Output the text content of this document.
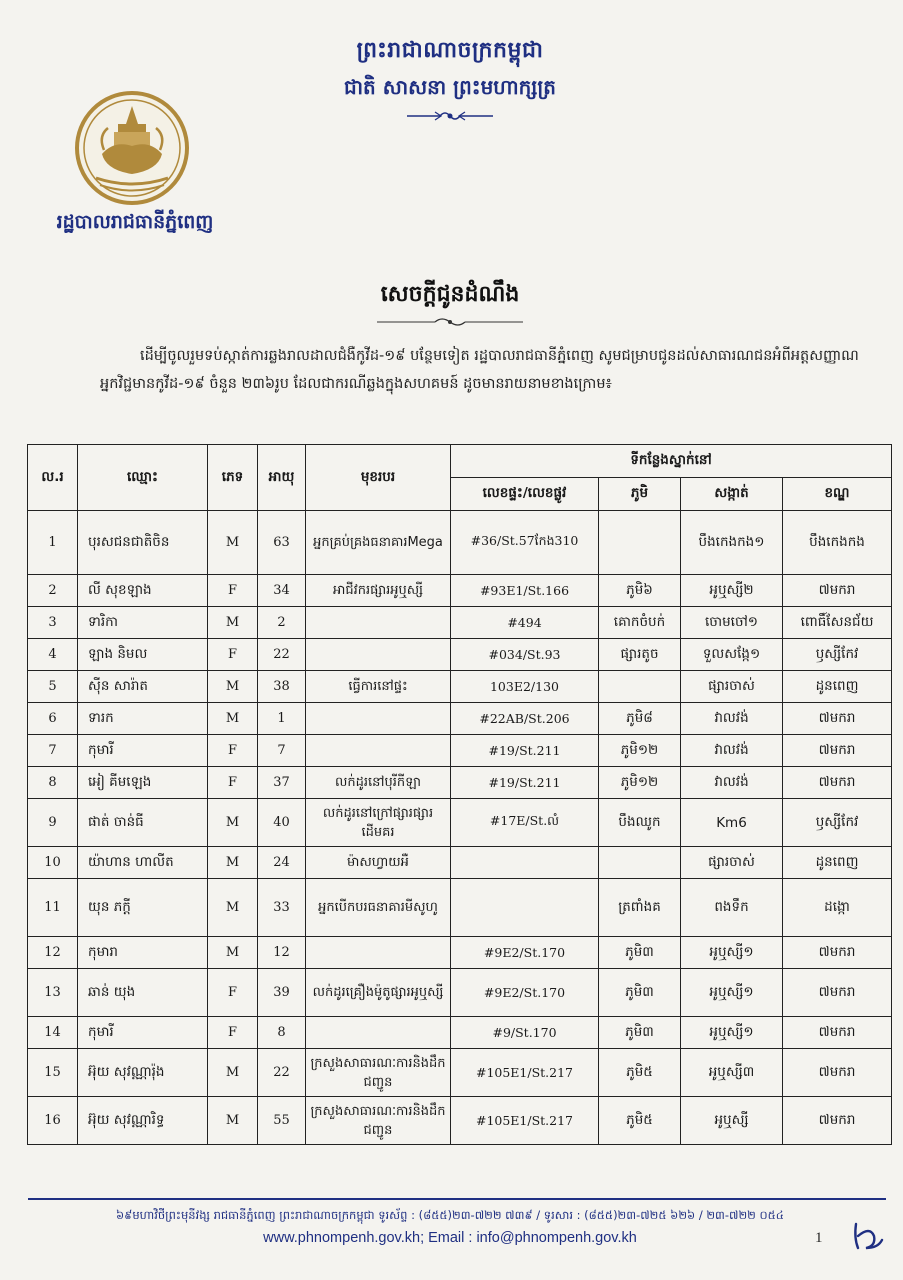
ព្រះរាជាណាចក្រកម្ពុជា
ជាតិ សាសនា ព្រះមហាក្សត្រ
រដ្ឋបាលរាជធានីភ្នំពេញ
សេចក្តីជូនដំណឹង
ដើម្បីចូលរួមទប់ស្កាត់ការឆ្លងរាលដាលជំងឺកូវីដ-១៩ បន្ថែមទៀត រដ្ឋបាលរាជធានីភ្នំពេញ សូមជម្រាបជូនដល់សាធារណជនអំពីអត្តសញ្ញាណអ្នកវិជ្ជមានកូវីដ-១៩ ចំនួន ២៣៦រូប ដែលជាករណីឆ្លងក្នុងសហគមន៍ ដូចមានរាយនាមខាងក្រោម៖
ល.រ	ឈ្មោះ	ភេទ	អាយុ	មុខរបរ	ទីកន្លែងស្នាក់នៅ			
					លេខផ្ទះ/លេខផ្លូវ	ភូមិ	សង្កាត់	ខណ្ឌ
1	បុរសជនជាតិចិន	M	63	អ្នកគ្រប់គ្រងធនាគារMega	#36/St.57កែង310		បឹងកេងកង១	បឹងកេងកង
2	លី សុខឡាង	F	34	អាជីវករផ្សារអូឬស្សី	#93E1/St.166	ភូមិ៦	អូឬស្សី២	៧មករា
3	ទារិកា	M	2		#494	គោកចំបក់	ចោមចៅ១	ពោធិ៍សែនជ័យ
4	ឡាង និមល	F	22		#034/St.93	ផ្សារតូច	ទួលសង្កែ១	ឫស្សីកែវ
5	ស៊ីន សារ៉ាត	M	38	ធ្វើការនៅផ្ទះ	103E2/130		ផ្សារចាស់	ដូនពេញ
6	ទារក	M	1		#22AB/St.206	ភូមិ៨	វាលវង់	៧មករា
7	កុមារី	F	7		#19/St.211	ភូមិ១២	វាលវង់	៧មករា
8	អៀ គីមឡេង	F	37	លក់ដូរនៅបុរីកីឡា	#19/St.211	ភូមិ១២	វាលវង់	៧មករា
9	ផាត់ ចាន់ធី	M	40	លក់ដូរនៅក្រៅផ្សារផ្សារដើមគរ	#17E/St.លំ	បឹងឈូក	Km6	ឫស្សីកែវ
10	យ៉ាហាន ហាលីត	M	24	ម៉ាសហ្វាយអឺ			ផ្សារចាស់	ដូនពេញ
11	យុន ភក្តី	M	33	អ្នកបើកបរធនាគារមីសូហូ		ត្រពាំងគ	ពងទឹក	ដង្កោ
12	កុមារា	M	12		#9E2/St.170	ភូមិ៣	អូឬស្សី១	៧មករា
13	ឆាន់ យុង	F	39	លក់ដូរគ្រឿងម៉ូតូផ្សារអូឬស្សី	#9E2/St.170	ភូមិ៣	អូឬស្សី១	៧មករា
14	កុមារី	F	8		#9/St.170	ភូមិ៣	អូឬស្សី១	៧មករា
15	អ៊ុយ សុវណ្ណារ៉ុង	M	22	ក្រសួងសាធារណៈការនិងដឹកជញ្ជូន	#105E1/St.217	ភូមិ៥	អូឬស្សី៣	៧មករា
16	អ៊ុយ សុវណ្ណារិទ្ធ	M	55	ក្រសួងសាធារណៈការនិងដឹកជញ្ជូន	#105E1/St.217	ភូមិ៥	អូឬស្សី	៧មករា
៦៩មហាវិថីព្រះមុនីវង្ស រាជធានីភ្នំពេញ ព្រះរាជាណាចក្រកម្ពុជា ទូរស័ព្ទ : (៨៥៥)២៣-៧២២ ៧៣៩ / ទូរសារ : (៨៥៥)២៣-៧២៥ ៦២៦ / ២៣-៧២២ ០៥៤
www.phnompenh.gov.kh; Email : info@phnompenh.gov.kh	1
